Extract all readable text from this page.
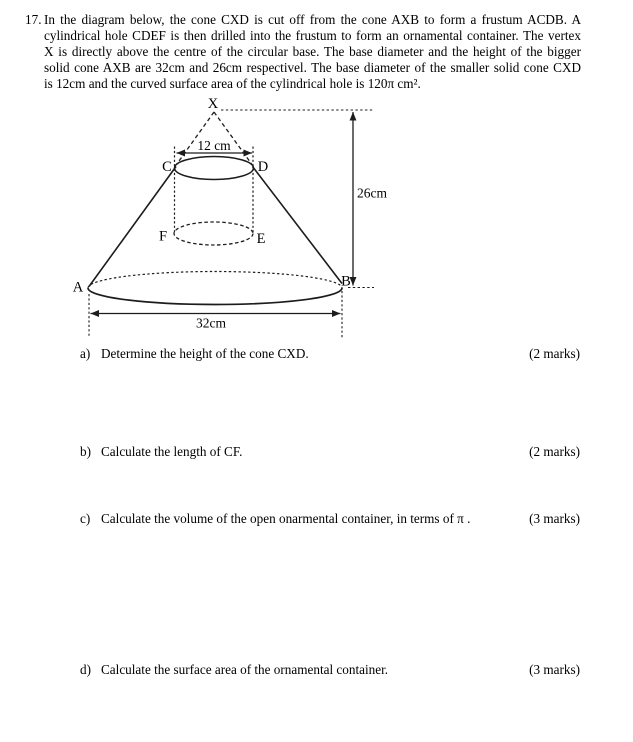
17. In the diagram below, the cone CXD is cut off from the cone AXB to form a frustum ACDB. A
cylindrical hole CDEF is then drilled into the frustum to form an ornamental container. The vertex
X is directly above the centre of the circular base. The base diameter and the height of the bigger
solid cone AXB are 32cm and 26cm respectivel. The base diameter of the smaller solid cone CXD
is 12cm and the curved surface area of the cylindrical hole is 120π cm².
X
C	D
F	E
A	B
12 cm
26cm
32cm
a) Determine the height of the cone CXD.	(2 marks)
b) Calculate the length of CF.	(2 marks)
c) Calculate the volume of the open onarmental container, in terms of π .	(3 marks)
d) Calculate the surface area of the ornamental container.	(3 marks)
